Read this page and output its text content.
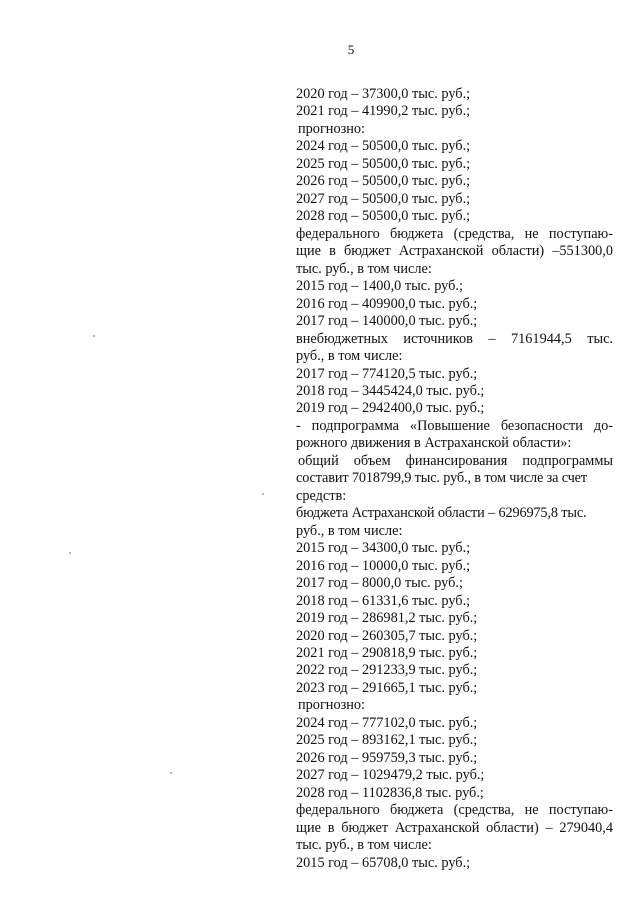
5
2020 год – 37300,0 тыс. руб.;
2021 год – 41990,2 тыс. руб.;
прогнозно:
2024 год – 50500,0 тыс. руб.;
2025 год – 50500,0 тыс. руб.;
2026 год – 50500,0 тыс. руб.;
2027 год – 50500,0 тыс. руб.;
2028 год – 50500,0 тыс. руб.;
федерального бюджета (средства, не поступаю-
щие в бюджет Астраханской области) –551300,0
тыс. руб., в том числе:
2015 год – 1400,0 тыс. руб.;
2016 год – 409900,0 тыс. руб.;
2017 год – 140000,0 тыс. руб.;
внебюджетных источников – 7161944,5 тыс.
руб., в том числе:
2017 год – 774120,5 тыс. руб.;
2018 год – 3445424,0 тыс. руб.;
2019 год – 2942400,0 тыс. руб.;
- подпрограмма «Повышение безопасности до-
рожного движения в Астраханской области»:
общий объем финансирования подпрограммы
составит 7018799,9 тыс. руб., в том числе за счет
средств:
бюджета Астраханской области – 6296975,8 тыс.
руб., в том числе:
2015 год – 34300,0 тыс. руб.;
2016 год – 10000,0 тыс. руб.;
2017 год – 8000,0 тыс. руб.;
2018 год – 61331,6 тыс. руб.;
2019 год – 286981,2 тыс. руб.;
2020 год – 260305,7 тыс. руб.;
2021 год – 290818,9 тыс. руб.;
2022 год – 291233,9 тыс. руб.;
2023 год – 291665,1 тыс. руб.;
прогнозно:
2024 год – 777102,0 тыс. руб.;
2025 год – 893162,1 тыс. руб.;
2026 год – 959759,3 тыс. руб.;
2027 год – 1029479,2 тыс. руб.;
2028 год – 1102836,8 тыс. руб.;
федерального бюджета (средства, не поступаю-
щие в бюджет Астраханской области) – 279040,4
тыс. руб., в том числе:
2015 год – 65708,0 тыс. руб.;
